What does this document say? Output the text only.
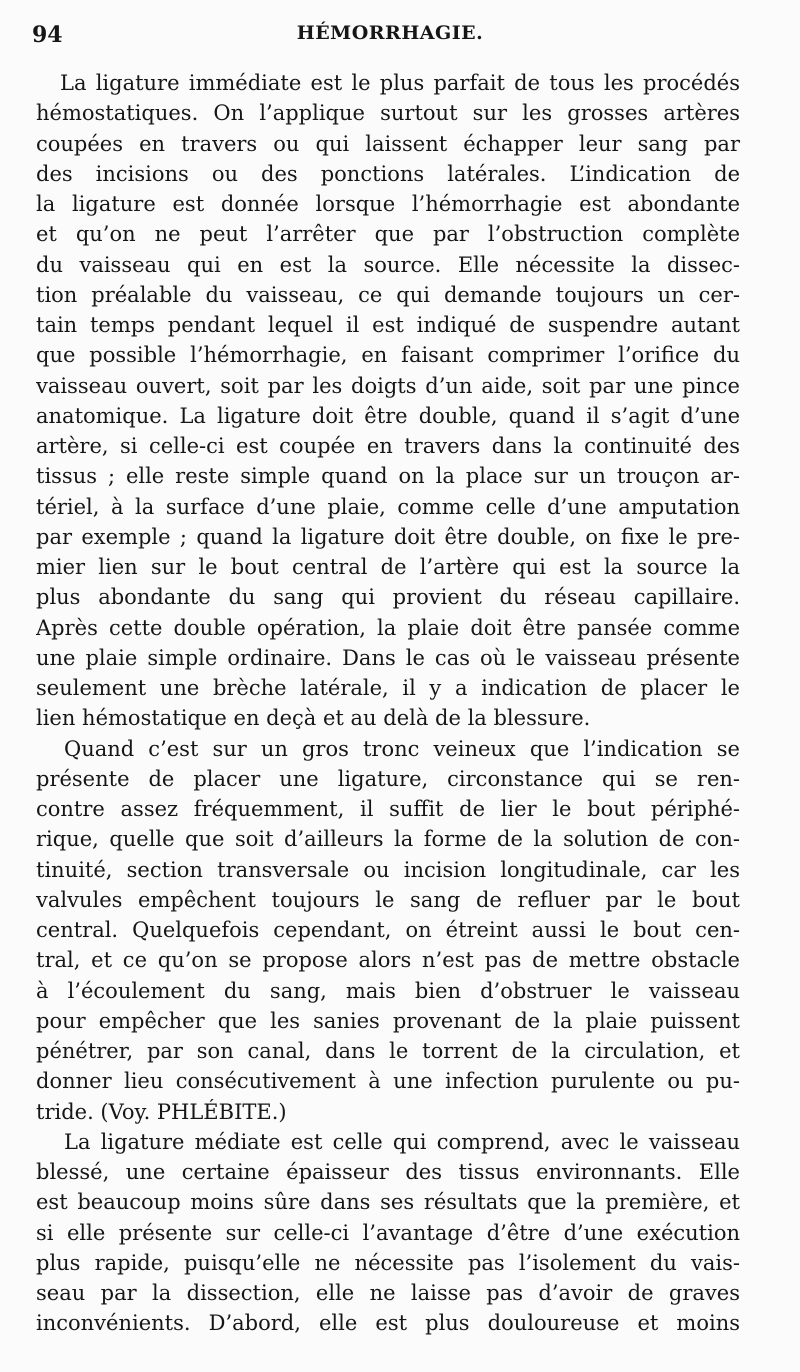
94	HÉMORRHAGIE.
La ligature immédiate est le plus parfait de tous les procédés
hémostatiques. On l’applique surtout sur les grosses artères
coupées en travers ou qui laissent échapper leur sang par
des incisions ou des ponctions latérales. L’indication de
la ligature est donnée lorsque l’hémorrhagie est abondante
et qu’on ne peut l’arrêter que par l’obstruction complète
du vaisseau qui en est la source. Elle nécessite la dissec-
tion préalable du vaisseau, ce qui demande toujours un cer-
tain temps pendant lequel il est indiqué de suspendre autant
que possible l’hémorrhagie, en faisant comprimer l’orifice du
vaisseau ouvert, soit par les doigts d’un aide, soit par une pince
anatomique. La ligature doit être double, quand il s’agit d’une
artère, si celle-ci est coupée en travers dans la continuité des
tissus ; elle reste simple quand on la place sur un trouçon ar-
tériel, à la surface d’une plaie, comme celle d’une amputation
par exemple ; quand la ligature doit être double, on fixe le pre-
mier lien sur le bout central de l’artère qui est la source la
plus abondante du sang qui provient du réseau capillaire.
Après cette double opération, la plaie doit être pansée comme
une plaie simple ordinaire. Dans le cas où le vaisseau présente
seulement une brèche latérale, il y a indication de placer le
lien hémostatique en deçà et au delà de la blessure.
Quand c’est sur un gros tronc veineux que l’indication se
présente de placer une ligature, circonstance qui se ren-
contre assez fréquemment, il suffit de lier le bout périphé-
rique, quelle que soit d’ailleurs la forme de la solution de con-
tinuité, section transversale ou incision longitudinale, car les
valvules empêchent toujours le sang de refluer par le bout
central. Quelquefois cependant, on étreint aussi le bout cen-
tral, et ce qu’on se propose alors n’est pas de mettre obstacle
à l’écoulement du sang, mais bien d’obstruer le vaisseau
pour empêcher que les sanies provenant de la plaie puissent
pénétrer, par son canal, dans le torrent de la circulation, et
donner lieu consécutivement à une infection purulente ou pu-
tride. (Voy. PHLÉBITE.)
La ligature médiate est celle qui comprend, avec le vaisseau
blessé, une certaine épaisseur des tissus environnants. Elle
est beaucoup moins sûre dans ses résultats que la première, et
si elle présente sur celle-ci l’avantage d’être d’une exécution
plus rapide, puisqu’elle ne nécessite pas l’isolement du vais-
seau par la dissection, elle ne laisse pas d’avoir de graves
inconvénients. D’abord, elle est plus douloureuse et moins
